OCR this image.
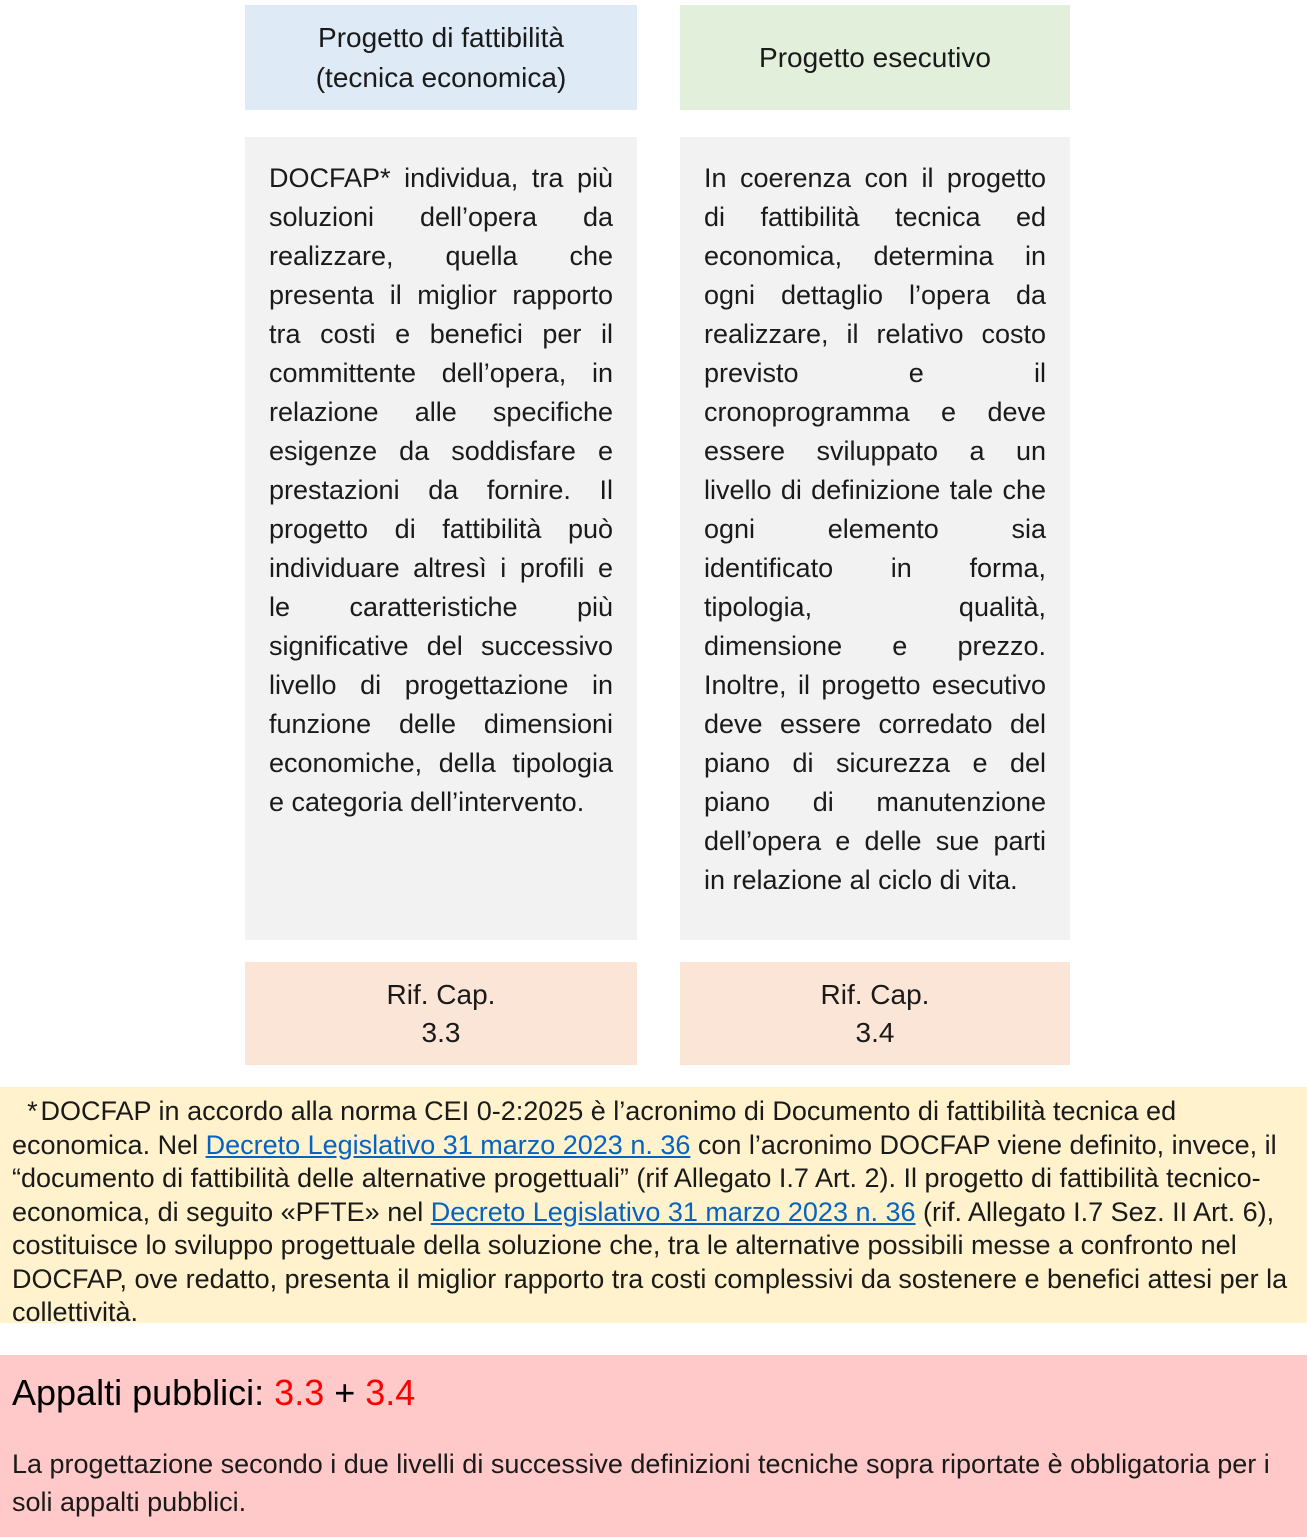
Progetto di fattibilità (tecnica economica)
Progetto esecutivo

DOCFAP* individua, tra più soluzioni dell’opera da realizzare, quella che presenta il miglior rapporto tra costi e benefici per il committente dell’opera, in relazione alle specifiche esigenze da soddisfare e prestazioni da fornire. Il progetto di fattibilità può individuare altresì i profili e le caratteristiche più significative del successivo livello di progettazione in funzione delle dimensioni economiche, della tipologia e categoria dell’intervento.

In coerenza con il progetto di fattibilità tecnica ed economica, determina in ogni dettaglio l’opera da realizzare, il relativo costo previsto e il cronoprogramma e deve essere sviluppato a un livello di definizione tale che ogni elemento sia identificato in forma, tipologia, qualità, dimensione e prezzo. Inoltre, il progetto esecutivo deve essere corredato del piano di sicurezza e del piano di manutenzione dell’opera e delle sue parti in relazione al ciclo di vita.

Rif. Cap.
3.3
Rif. Cap.
3.4

* DOCFAP in accordo alla norma CEI 0-2:2025 è l’acronimo di Documento di fattibilità tecnica ed economica. Nel Decreto Legislativo 31 marzo 2023 n. 36 con l’acronimo DOCFAP viene definito, invece, il “documento di fattibilità delle alternative progettuali” (rif Allegato I.7 Art. 2). Il progetto di fattibilità tecnico-economica, di seguito «PFTE» nel Decreto Legislativo 31 marzo 2023 n. 36 (rif. Allegato I.7 Sez. II Art. 6), costituisce lo sviluppo progettuale della soluzione che, tra le alternative possibili messe a confronto nel DOCFAP, ove redatto, presenta il miglior rapporto tra costi complessivi da sostenere e benefici attesi per la collettività.

Appalti pubblici: 3.3 + 3.4

La progettazione secondo i due livelli di successive definizioni tecniche sopra riportate è obbligatoria per i soli appalti pubblici.
